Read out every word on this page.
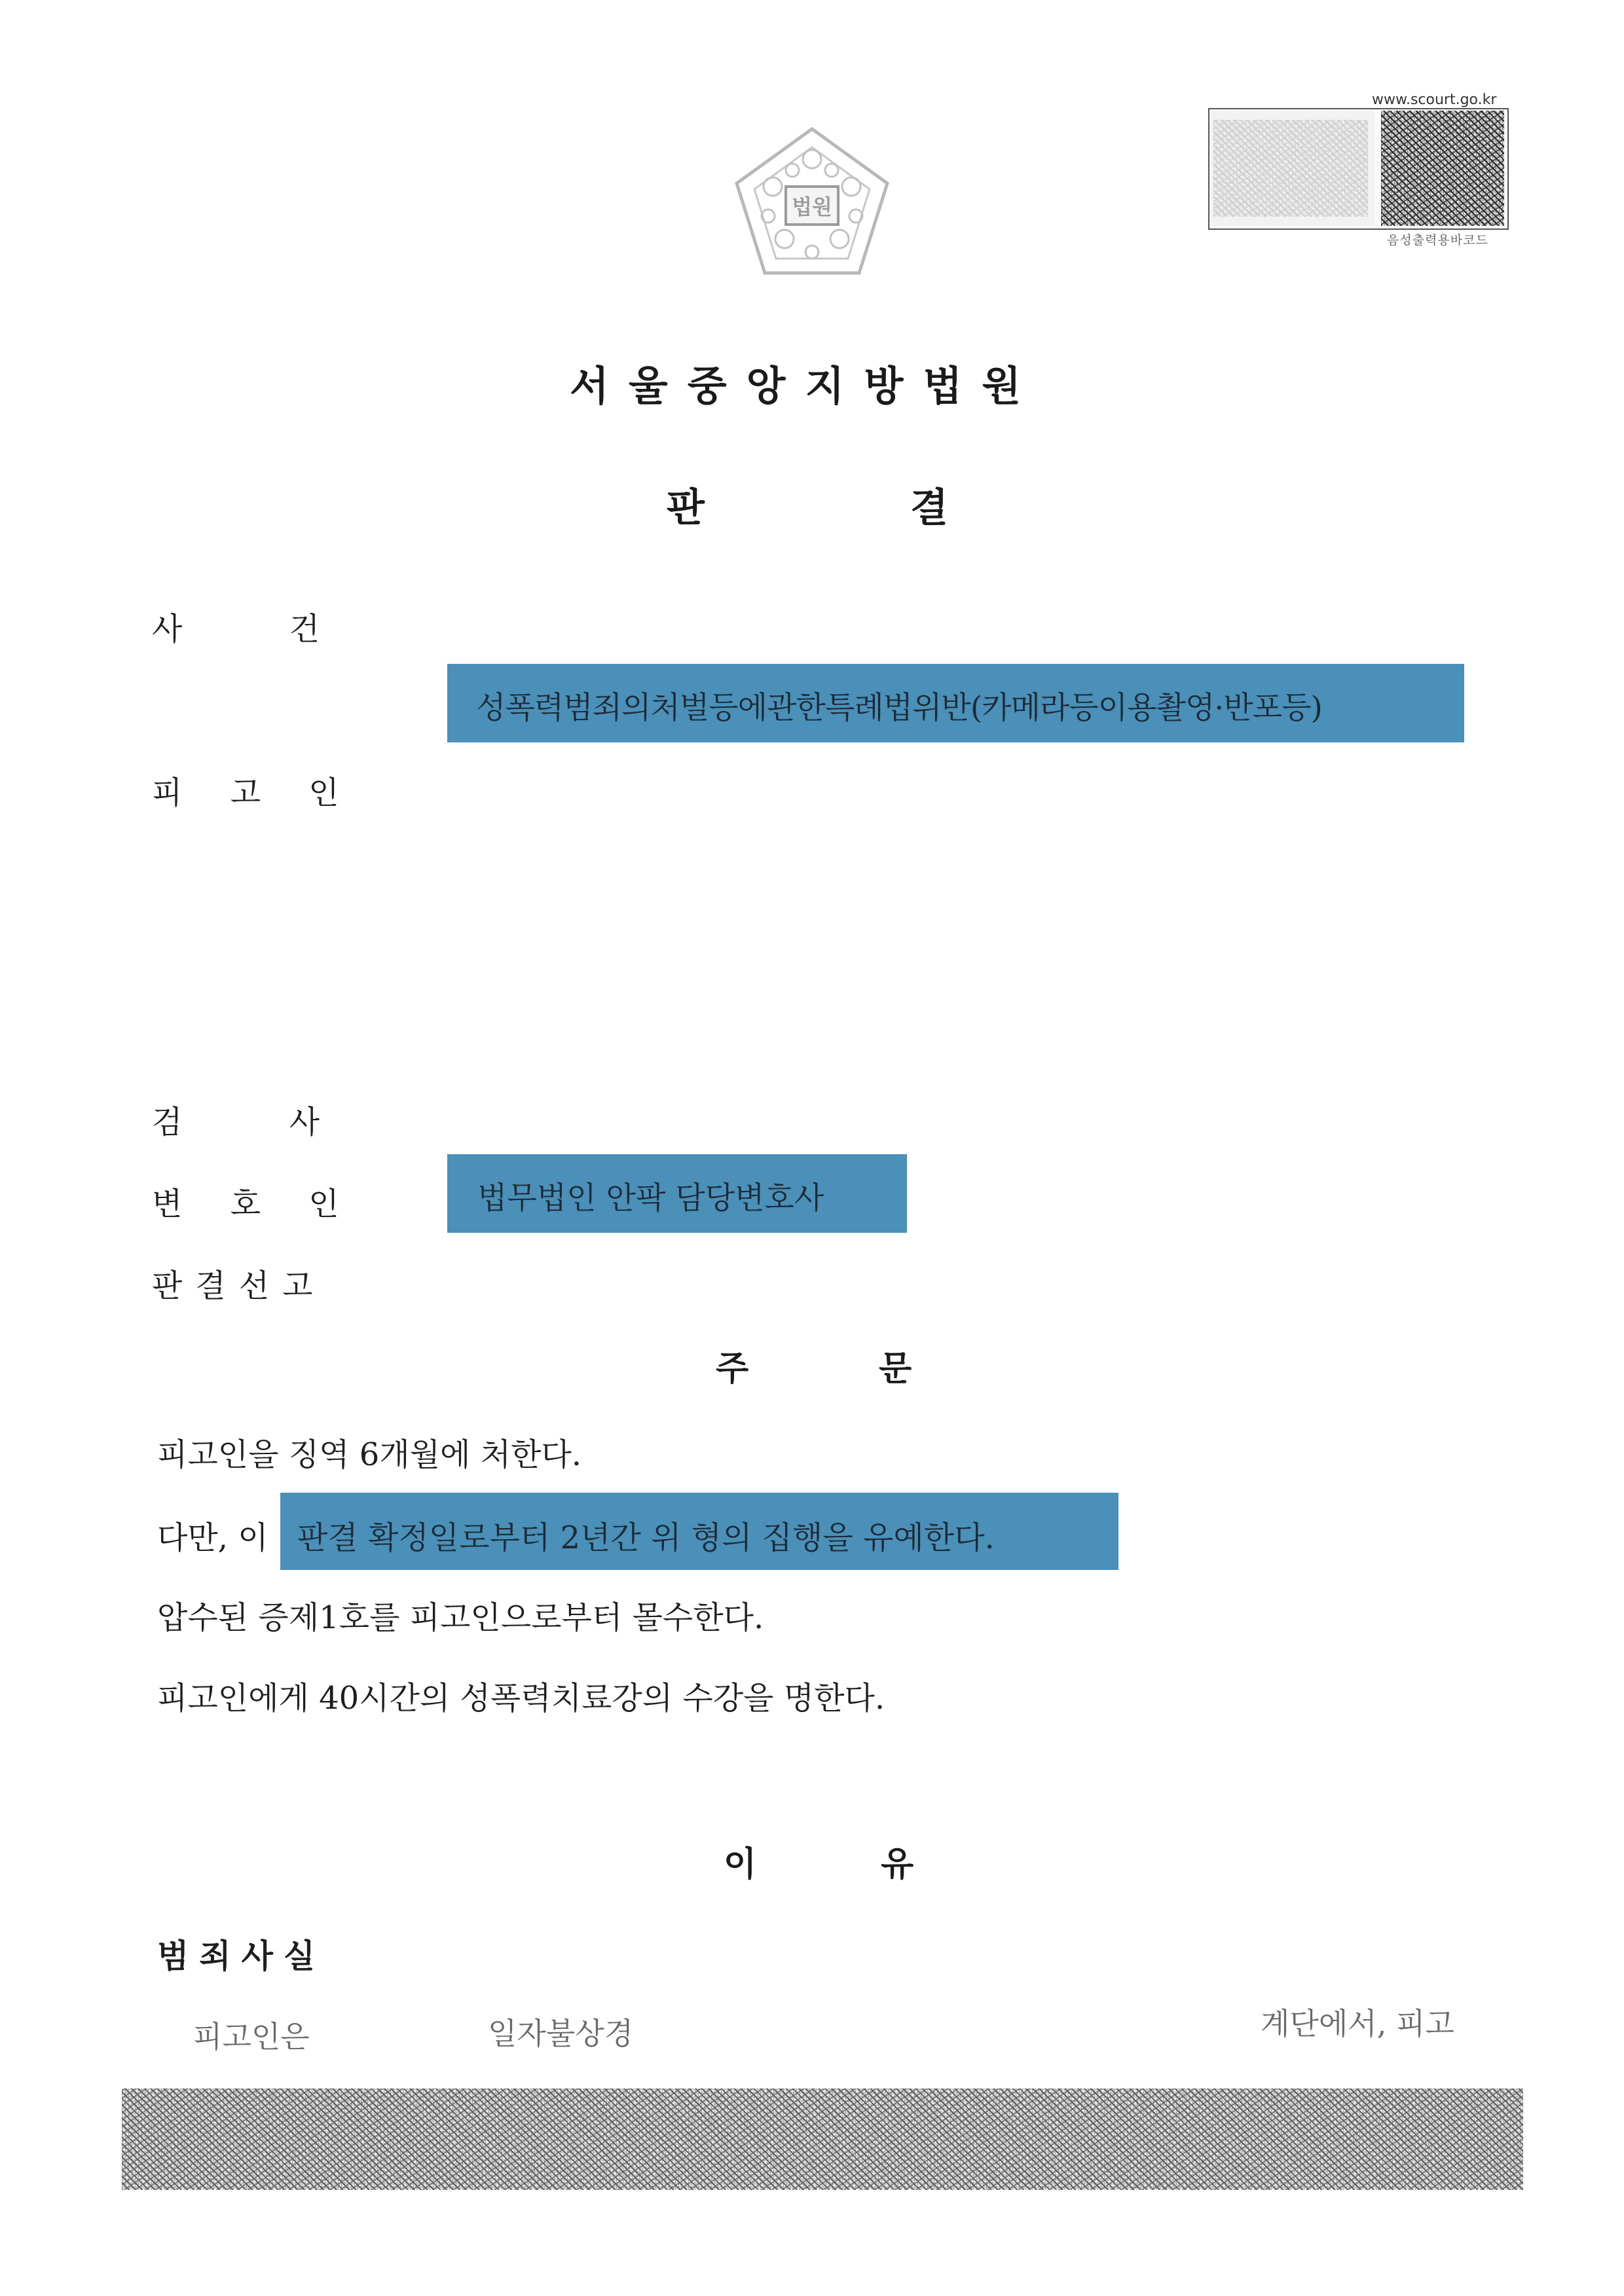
법원
www.scourt.go.kr
음성출력용바코드
서울중앙지방법원
판	결
사 건
성폭력범죄의처벌등에관한특례법위반(카메라등이용촬영·반포등)
피 고 인
검 사
변 호 인	법무법인 안팍 담당변호사
판결선고
주	문
피고인을 징역 6개월에 처한다.
다만, 이 판결 확정일로부터 2년간 위 형의 집행을 유예한다.
압수된 증제1호를 피고인으로부터 몰수한다.
피고인에게 40시간의 성폭력치료강의 수강을 명한다.
이	유
범죄사실
피고인은	일자불상경	계단에서, 피고
